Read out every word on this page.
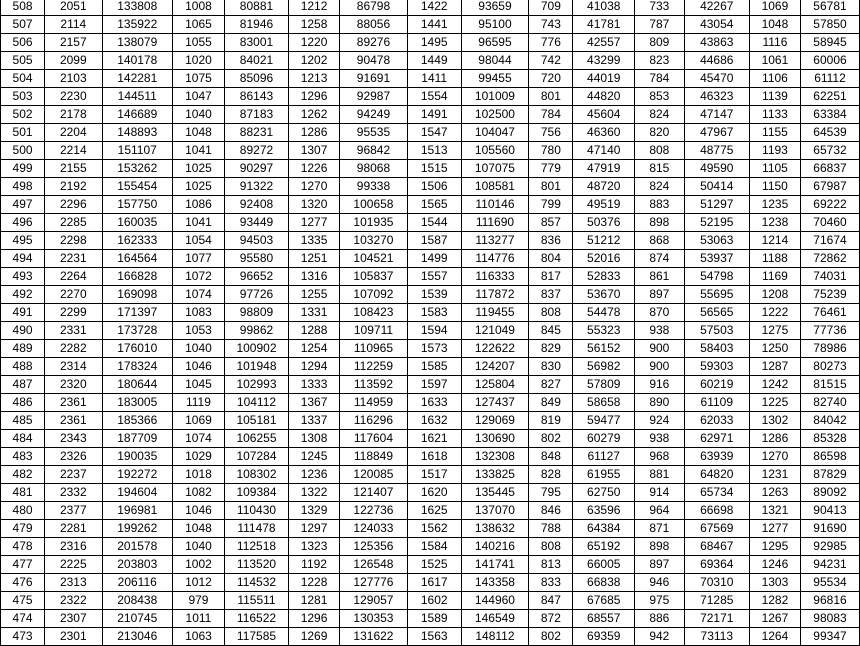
508	2051	133808	1008	80881	1212	86798	1422	93659	709	41038	733	42267	1069	56781
507	2114	135922	1065	81946	1258	88056	1441	95100	743	41781	787	43054	1048	57850
506	2157	138079	1055	83001	1220	89276	1495	96595	776	42557	809	43863	1116	58945
505	2099	140178	1020	84021	1202	90478	1449	98044	742	43299	823	44686	1061	60006
504	2103	142281	1075	85096	1213	91691	1411	99455	720	44019	784	45470	1106	61112
503	2230	144511	1047	86143	1296	92987	1554	101009	801	44820	853	46323	1139	62251
502	2178	146689	1040	87183	1262	94249	1491	102500	784	45604	824	47147	1133	63384
501	2204	148893	1048	88231	1286	95535	1547	104047	756	46360	820	47967	1155	64539
500	2214	151107	1041	89272	1307	96842	1513	105560	780	47140	808	48775	1193	65732
499	2155	153262	1025	90297	1226	98068	1515	107075	779	47919	815	49590	1105	66837
498	2192	155454	1025	91322	1270	99338	1506	108581	801	48720	824	50414	1150	67987
497	2296	157750	1086	92408	1320	100658	1565	110146	799	49519	883	51297	1235	69222
496	2285	160035	1041	93449	1277	101935	1544	111690	857	50376	898	52195	1238	70460
495	2298	162333	1054	94503	1335	103270	1587	113277	836	51212	868	53063	1214	71674
494	2231	164564	1077	95580	1251	104521	1499	114776	804	52016	874	53937	1188	72862
493	2264	166828	1072	96652	1316	105837	1557	116333	817	52833	861	54798	1169	74031
492	2270	169098	1074	97726	1255	107092	1539	117872	837	53670	897	55695	1208	75239
491	2299	171397	1083	98809	1331	108423	1583	119455	808	54478	870	56565	1222	76461
490	2331	173728	1053	99862	1288	109711	1594	121049	845	55323	938	57503	1275	77736
489	2282	176010	1040	100902	1254	110965	1573	122622	829	56152	900	58403	1250	78986
488	2314	178324	1046	101948	1294	112259	1585	124207	830	56982	900	59303	1287	80273
487	2320	180644	1045	102993	1333	113592	1597	125804	827	57809	916	60219	1242	81515
486	2361	183005	1119	104112	1367	114959	1633	127437	849	58658	890	61109	1225	82740
485	2361	185366	1069	105181	1337	116296	1632	129069	819	59477	924	62033	1302	84042
484	2343	187709	1074	106255	1308	117604	1621	130690	802	60279	938	62971	1286	85328
483	2326	190035	1029	107284	1245	118849	1618	132308	848	61127	968	63939	1270	86598
482	2237	192272	1018	108302	1236	120085	1517	133825	828	61955	881	64820	1231	87829
481	2332	194604	1082	109384	1322	121407	1620	135445	795	62750	914	65734	1263	89092
480	2377	196981	1046	110430	1329	122736	1625	137070	846	63596	964	66698	1321	90413
479	2281	199262	1048	111478	1297	124033	1562	138632	788	64384	871	67569	1277	91690
478	2316	201578	1040	112518	1323	125356	1584	140216	808	65192	898	68467	1295	92985
477	2225	203803	1002	113520	1192	126548	1525	141741	813	66005	897	69364	1246	94231
476	2313	206116	1012	114532	1228	127776	1617	143358	833	66838	946	70310	1303	95534
475	2322	208438	979	115511	1281	129057	1602	144960	847	67685	975	71285	1282	96816
474	2307	210745	1011	116522	1296	130353	1589	146549	872	68557	886	72171	1267	98083
473	2301	213046	1063	117585	1269	131622	1563	148112	802	69359	942	73113	1264	99347
